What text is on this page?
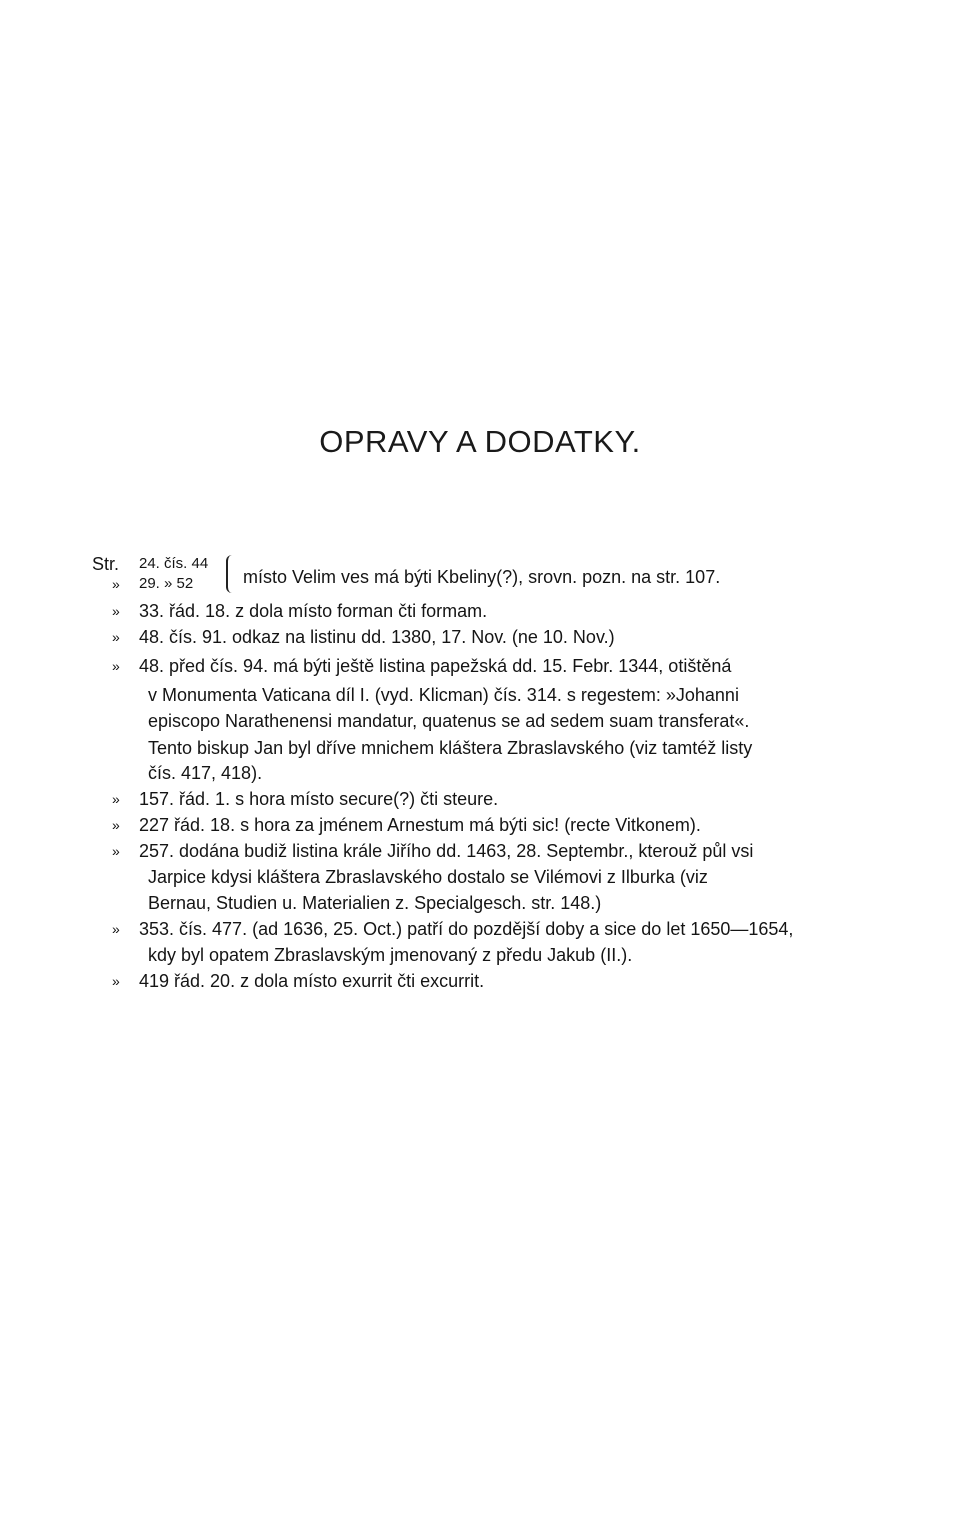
OPRAVY A DODATKY.
Str. 24. čís. 44
» 29. » 52	místo Velim ves má býti Kbeliny(?), srovn. pozn. na str. 107.
» 33. řád. 18. z dola místo forman čti formam.
» 48. čís. 91. odkaz na listinu dd. 1380, 17. Nov. (ne 10. Nov.)
» 48. před čís. 94. má býti ještě listina papežská dd. 15. Febr. 1344, otištěná
v Monumenta Vaticana díl I. (vyd. Klicman) čís. 314. s regestem: »Johanni
episcopo Narathenensi mandatur, quatenus se ad sedem suam transferat«.
Tento biskup Jan byl dříve mnichem kláštera Zbraslavského (viz tamtéž listy
čís. 417, 418).
» 157. řád. 1. s hora místo secure(?) čti steure.
» 227 řád. 18. s hora za jménem Arnestum má býti sic! (recte Vitkonem).
» 257. dodána budiž listina krále Jiřího dd. 1463, 28. Septembr., kterouž půl vsi
Jarpice kdysi kláštera Zbraslavského dostalo se Vilémovi z Ilburka (viz
Bernau, Studien u. Materialien z. Specialgesch. str. 148.)
» 353. čís. 477. (ad 1636, 25. Oct.) patří do pozdější doby a sice do let 1650—1654,
kdy byl opatem Zbraslavským jmenovaný z předu Jakub (II.).
» 419 řád. 20. z dola místo exurrit čti excurrit.
